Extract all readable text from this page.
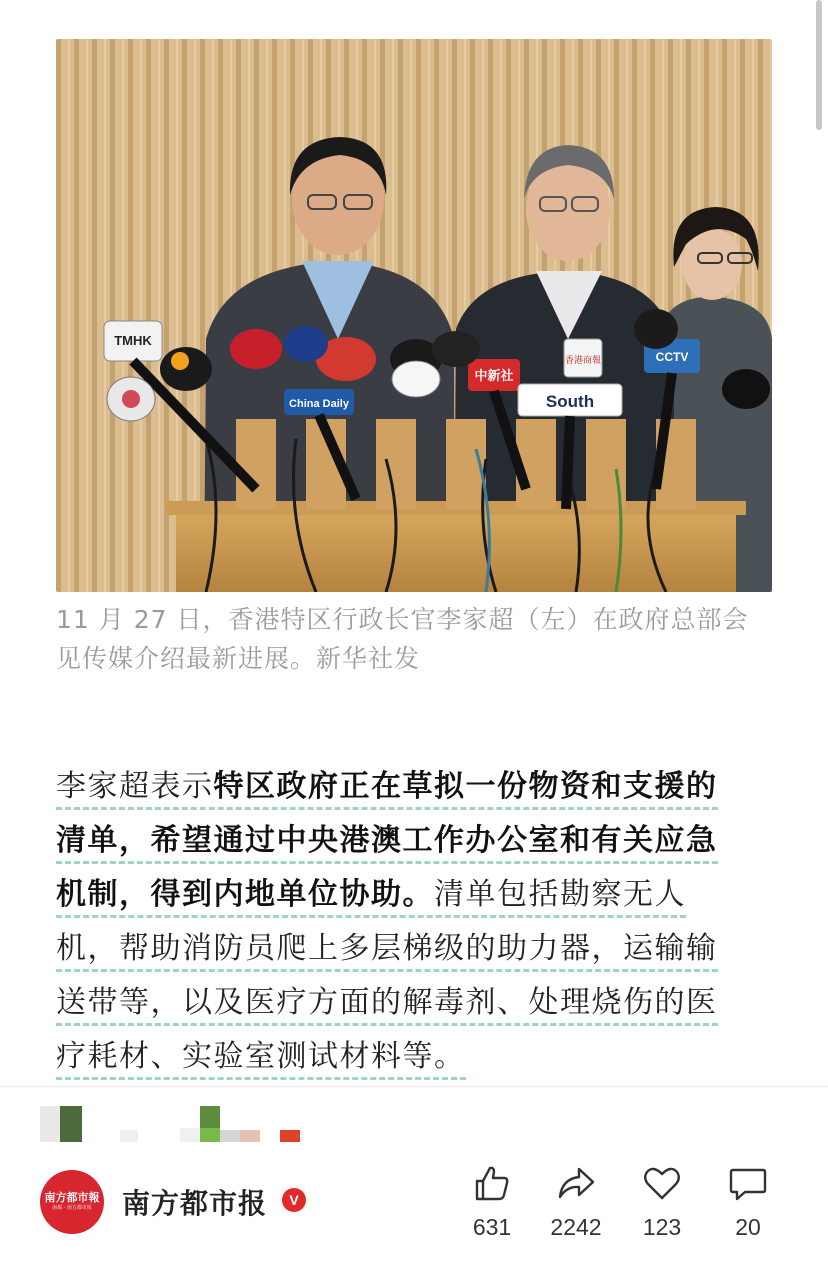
TMHK
China Daily
中新社
South
香港商報	CCTV
11 月 27 日，香港特区行政长官李家超（左）在政府总部会见传媒介绍最新进展。新华社发
李家超表示特区政府正在草拟一份物资和支援的
清单，希望通过中央港澳工作办公室和有关应急
机制，得到内地单位协助。清单包括勘察无人
机，帮助消防员爬上多层梯级的助力器，运输输
送带等，以及医疗方面的解毒剂、处理烧伤的医
疗耗材、实验室测试材料等。
南方都市報
南都 · 南方都市报 南方都市报	V
631	2242	123	20
